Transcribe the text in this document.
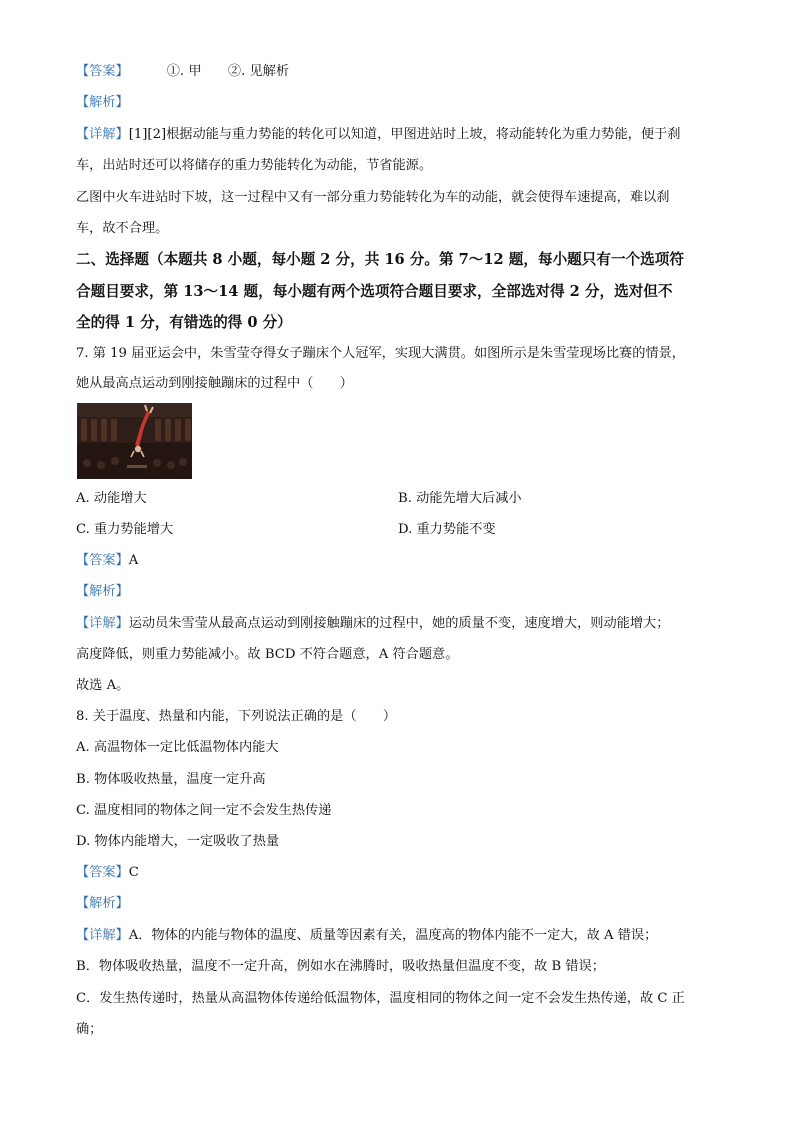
【答案】	①. 甲　　②. 见解析
【解析】
【详解】[1][2]根据动能与重力势能的转化可以知道，甲图进站时上坡，将动能转化为重力势能，便于刹
车，出站时还可以将储存的重力势能转化为动能，节省能源。
乙图中火车进站时下坡，这一过程中又有一部分重力势能转化为车的动能，就会使得车速提高，难以刹
车，故不合理。
二、选择题（本题共 8 小题，每小题 2 分，共 16 分。第 7～12 题，每小题只有一个选项符
合题目要求，第 13～14 题，每小题有两个选项符合题目要求，全部选对得 2 分，选对但不
全的得 1 分，有错选的得 0 分）
7. 第 19 届亚运会中，朱雪莹夺得女子蹦床个人冠军，实现大满贯。如图所示是朱雪莹现场比赛的情景，
她从最高点运动到刚接触蹦床的过程中（　　）
A. 动能增大	B. 动能先增大后减小
C. 重力势能增大	D. 重力势能不变
【答案】A
【解析】
【详解】运动员朱雪莹从最高点运动到刚接触蹦床的过程中，她的质量不变，速度增大，则动能增大；
高度降低，则重力势能减小。故 BCD 不符合题意，A 符合题意。
故选 A。
8. 关于温度、热量和内能，下列说法正确的是（　　）
A. 高温物体一定比低温物体内能大
B. 物体吸收热量，温度一定升高
C. 温度相同的物体之间一定不会发生热传递
D. 物体内能增大，一定吸收了热量
【答案】C
【解析】
【详解】A．物体的内能与物体的温度、质量等因素有关，温度高的物体内能不一定大，故 A 错误；
B．物体吸收热量，温度不一定升高，例如水在沸腾时，吸收热量但温度不变，故 B 错误；
C．发生热传递时，热量从高温物体传递给低温物体，温度相同的物体之间一定不会发生热传递，故 C 正
确；
